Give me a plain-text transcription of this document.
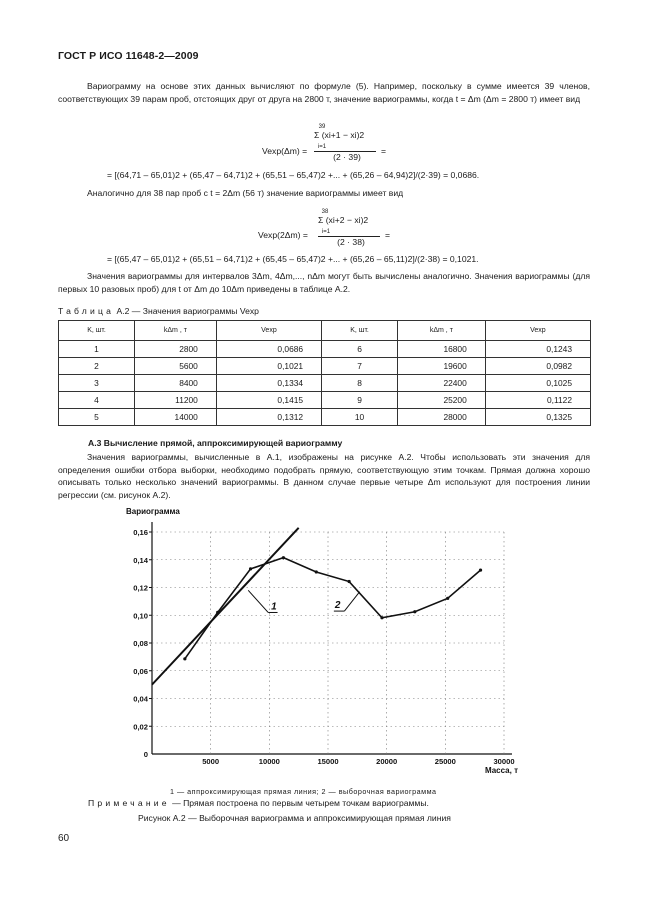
ГОСТ Р ИСО 11648-2—2009

Вариограмму на основе этих данных вычисляют по формуле (5). Например, поскольку в сумме имеется 39 членов, соответствующих 39 парам проб, отстоящих друг от друга на 2800 т, значение вариограммы, когда t = Δm (Δm = 2800 т) имеет вид

Vexp(Δm) =
39
Σ (xi+1 − xi)2
i=1
(2 · 39)
=
= [(64,71 – 65,01)2 + (65,47 – 64,71)2 + (65,51 – 65,47)2 +... + (65,26 – 64,94)2]/(2·39) = 0,0686.

Аналогично для 38 пар проб с t = 2Δm (56 т) значение вариограммы имеет вид

Vexp(2Δm) =
38
Σ (xi+2 − xi)2
i=1
(2 · 38)
=
= [(65,47 – 65,01)2 + (65,51 – 64,71)2 + (65,45 – 65,47)2 +... + (65,26 – 65,11)2]/(2·38) = 0,1021.

Значения вариограммы для интервалов 3Δm, 4Δm,..., nΔm могут быть вычислены аналогично. Значения вариограммы (для первых 10 разовых проб) для t от Δm до 10Δm приведены в таблице А.2.

Таблица А.2 — Значения вариограммы Vexp
K, шт.	kΔm , т	Vexp	K, шт.	kΔm , т	Vexp
1	2800	0,0686	6	16800	0,1243
2	5600	0,1021	7	19600	0,0982
3	8400	0,1334	8	22400	0,1025
4	11200	0,1415	9	25200	0,1122
5	14000	0,1312	10	28000	0,1325
А.3 Вычисление прямой, аппроксимирующей вариограмму

Значения вариограммы, вычисленные в А.1, изображены на рисунке А.2. Чтобы использовать эти значения для определения ошибки отбора выборки, необходимо подобрать прямую, соответствующую этим точкам. Прямая должна хорошо описывать только несколько значений вариограммы. В данном случае первые четыре Δm используют для построения линии регрессии (см. рисунок А.2).

0
0,02
0,04
0,06
0,08
0,10
0,12
0,14
0,16
5000	10000	15000	20000	25000	30000
Вариограмма
Масса, т
1	2
1 — аппроксимирующая прямая линия; 2 — выборочная вариограмма
Примечание — Прямая построена по первым четырем точкам вариограммы.
Рисунок А.2 — Выборочная вариограмма и аппроксимирующая прямая линия
60
